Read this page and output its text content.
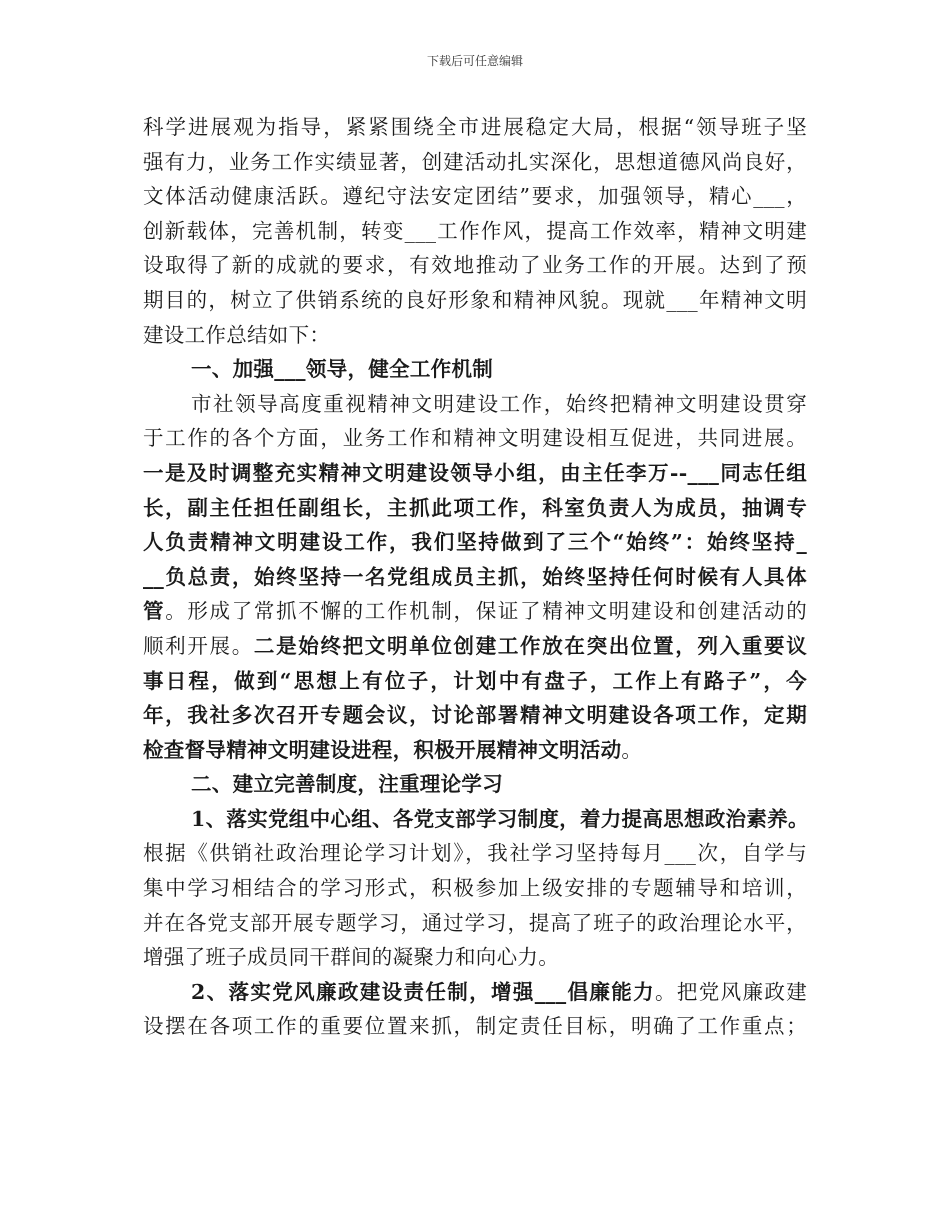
下载后可任意编辑
科学进展观为指导，紧紧围绕全市进展稳定大局，根据“领导班子坚
强有力，业务工作实绩显著，创建活动扎实深化，思想道德风尚良好，
文体活动健康活跃。遵纪守法安定团结”要求，加强领导，精心___，
创新载体，完善机制，转变___工作作风，提高工作效率，精神文明建
设取得了新的成就的要求，有效地推动了业务工作的开展。达到了预
期目的，树立了供销系统的良好形象和精神风貌。现就___年精神文明
建设工作总结如下：
一、加强___领导，健全工作机制
市社领导高度重视精神文明建设工作，始终把精神文明建设贯穿
于工作的各个方面，业务工作和精神文明建设相互促进，共同进展。
一是及时调整充实精神文明建设领导小组，由主任李万--___同志任组
长，副主任担任副组长，主抓此项工作，科室负责人为成员，抽调专
人负责精神文明建设工作，我们坚持做到了三个“始终”：始终坚持_
__负总责，始终坚持一名党组成员主抓，始终坚持任何时候有人具体
管。形成了常抓不懈的工作机制，保证了精神文明建设和创建活动的
顺利开展。二是始终把文明单位创建工作放在突出位置，列入重要议
事日程，做到“思想上有位子，计划中有盘子，工作上有路子”，今
年，我社多次召开专题会议，讨论部署精神文明建设各项工作，定期
检查督导精神文明建设进程，积极开展精神文明活动。
二、建立完善制度，注重理论学习
1、落实党组中心组、各党支部学习制度，着力提高思想政治素养。
根据《供销社政治理论学习计划》，我社学习坚持每月___次，自学与
集中学习相结合的学习形式，积极参加上级安排的专题辅导和培训，
并在各党支部开展专题学习，通过学习，提高了班子的政治理论水平，
增强了班子成员同干群间的凝聚力和向心力。
2、落实党风廉政建设责任制，增强___倡廉能力。把党风廉政建
设摆在各项工作的重要位置来抓，制定责任目标，明确了工作重点；
